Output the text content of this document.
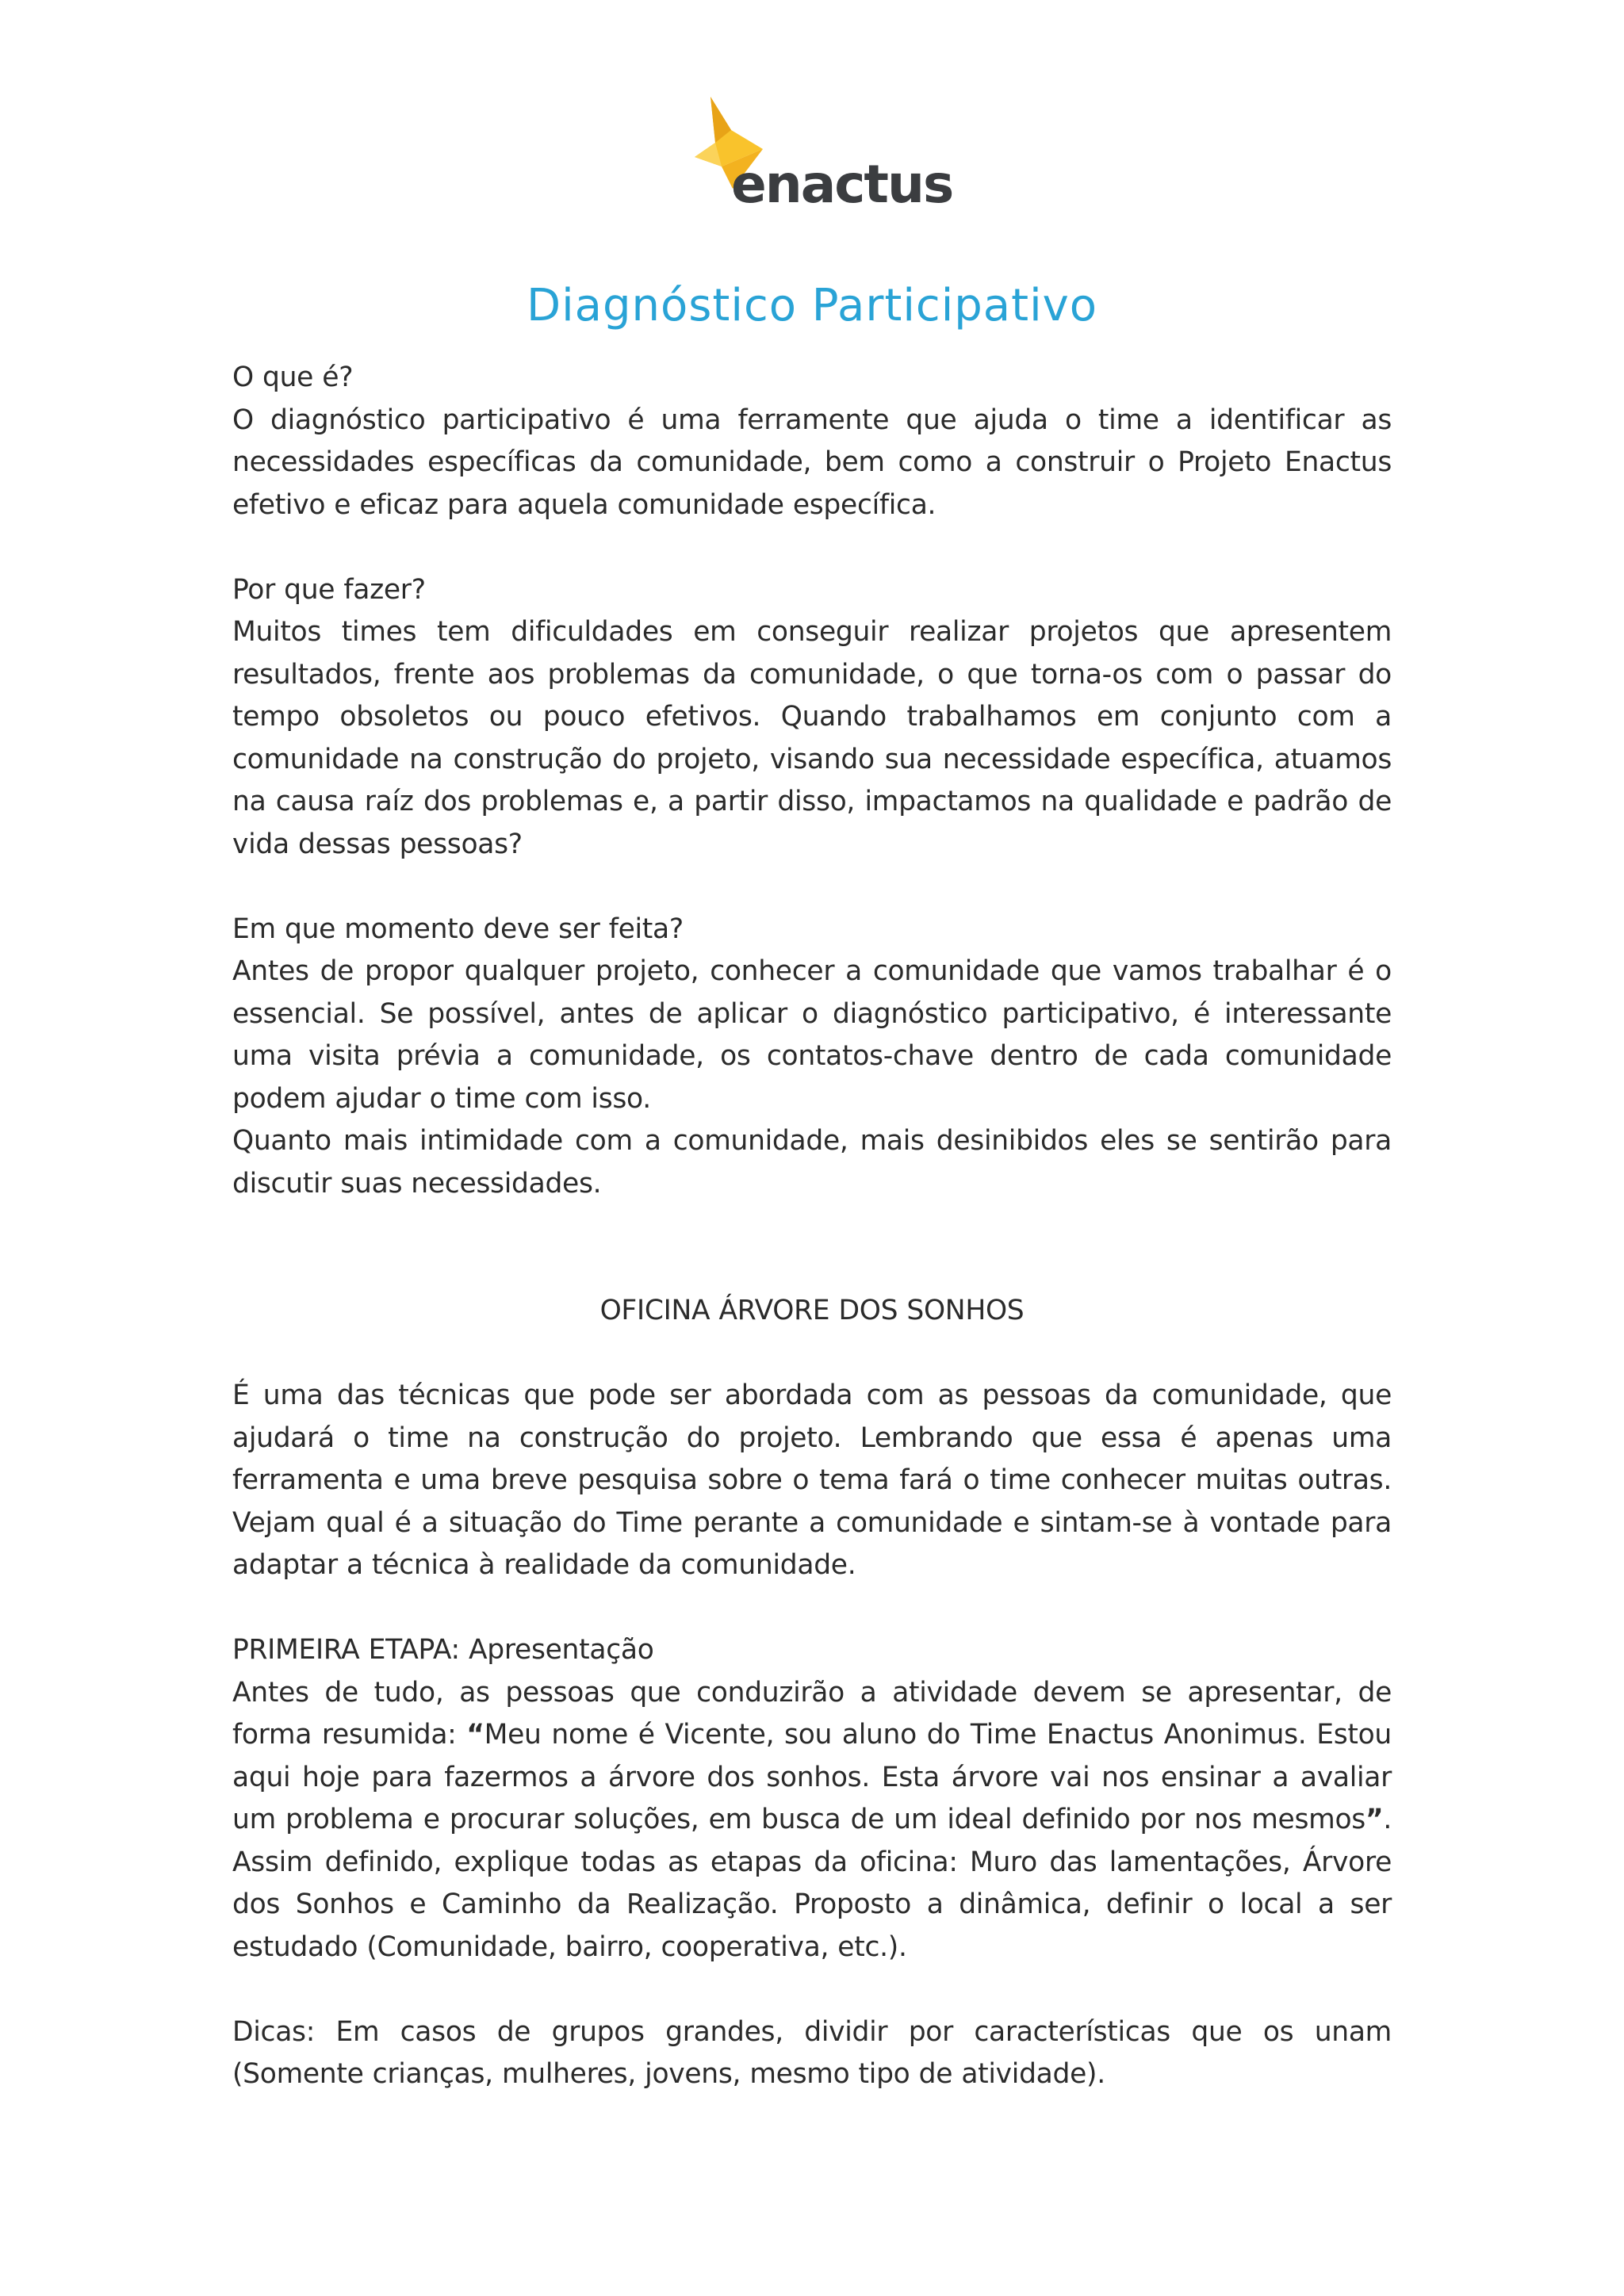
enactus
Diagnóstico Participativo

O que é?

O diagnóstico participativo é uma ferramente que ajuda o time a identificar as necessidades específicas da comunidade, bem como a construir o Projeto Enactus efetivo e eficaz para aquela comunidade específica.

Por que fazer?

Muitos times tem dificuldades em conseguir realizar projetos que apresentem resultados, frente aos problemas da comunidade, o que torna-os com o passar do tempo obsoletos ou pouco efetivos. Quando trabalhamos em conjunto com a comunidade na construção do projeto, visando sua necessidade específica, atuamos na causa raíz dos problemas e, a partir disso, impactamos na qualidade e padrão de vida dessas pessoas?

Em que momento deve ser feita?

Antes de propor qualquer projeto, conhecer a comunidade que vamos trabalhar é o essencial. Se possível, antes de aplicar o diagnóstico participativo, é interessante uma visita prévia a comunidade, os contatos-chave dentro de cada comunidade podem ajudar o time com isso.

Quanto mais intimidade com a comunidade, mais desinibidos eles se sentirão para discutir suas necessidades.

OFICINA ÁRVORE DOS SONHOS

É uma das técnicas que pode ser abordada com as pessoas da comunidade, que ajudará o time na construção do projeto. Lembrando que essa é apenas uma ferramenta e uma breve pesquisa sobre o tema fará o time conhecer muitas outras. Vejam qual é a situação do Time perante a comunidade e sintam-se à vontade para adaptar a técnica à realidade da comunidade.

PRIMEIRA ETAPA: Apresentação

Antes de tudo, as pessoas que conduzirão a atividade devem se apresentar, de forma resumida: “Meu nome é Vicente, sou aluno do Time Enactus Anonimus. Estou aqui hoje para fazermos a árvore dos sonhos. Esta árvore vai nos ensinar a avaliar um problema e procurar soluções, em busca de um ideal definido por nos mesmos”. Assim definido, explique todas as etapas da oficina: Muro das lamentações, Árvore dos Sonhos e Caminho da Realização. Proposto a dinâmica, definir o local a ser estudado (Comunidade, bairro, cooperativa, etc.).

Dicas: Em casos de grupos grandes, dividir por características que os unam (Somente crianças, mulheres, jovens, mesmo tipo de atividade).
